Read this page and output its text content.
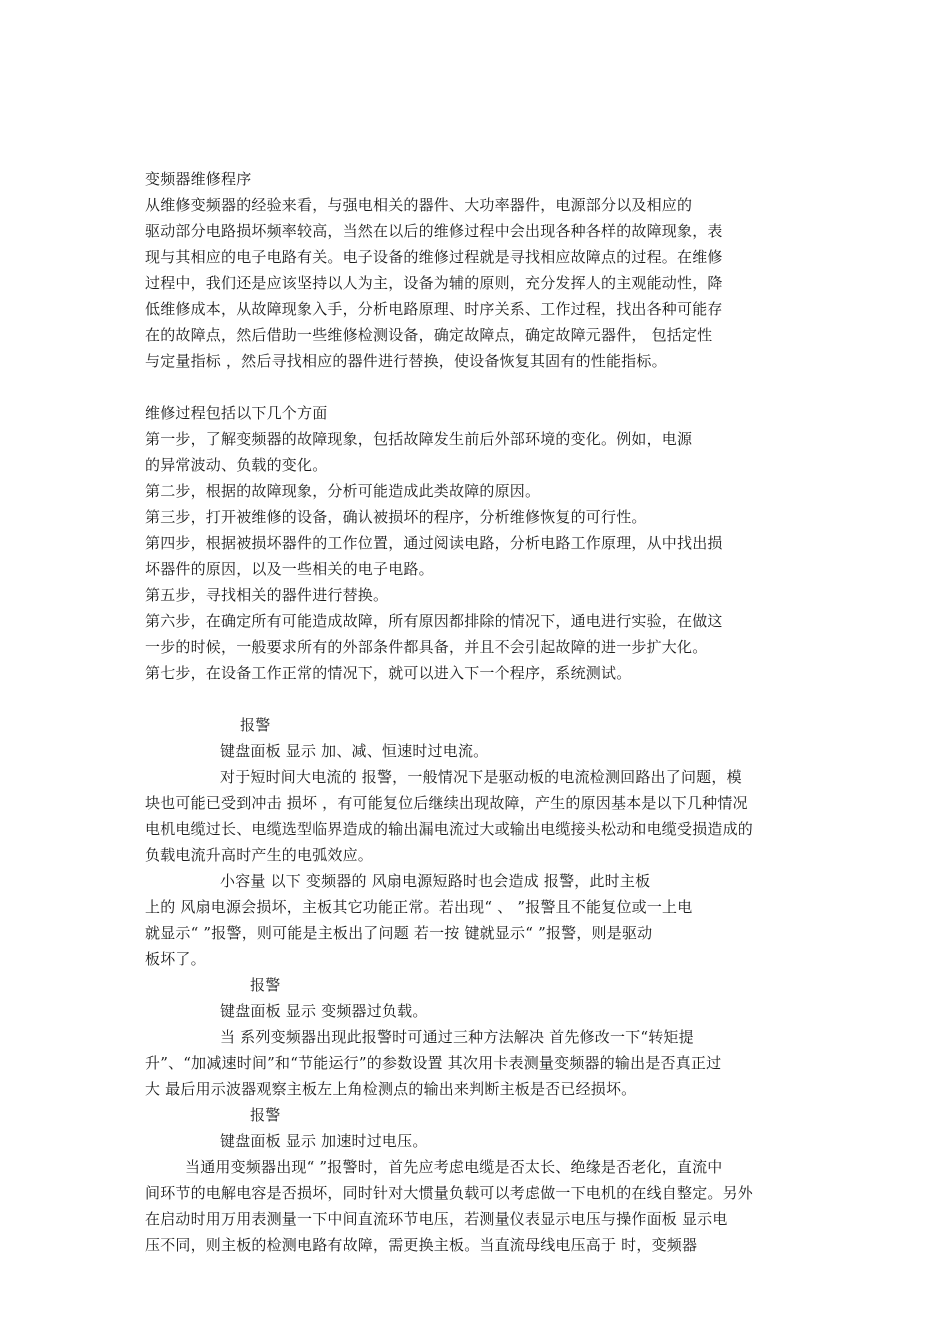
变频器维修程序
从维修变频器的经验来看，与强电相关的器件、大功率器件，电源部分以及相应的
驱动部分电路损坏频率较高，当然在以后的维修过程中会出现各种各样的故障现象，表
现与其相应的电子电路有关。电子设备的维修过程就是寻找相应故障点的过程。在维修
过程中，我们还是应该坚持以人为主，设备为辅的原则，充分发挥人的主观能动性，降
低维修成本，从故障现象入手，分析电路原理、时序关系、工作过程，找出各种可能存
在的故障点，然后借助一些维修检测设备，确定故障点，确定故障元器件， 包括定性
与定量指标 ，然后寻找相应的器件进行替换，使设备恢复其固有的性能指标。
维修过程包括以下几个方面
第一步，了解变频器的故障现象，包括故障发生前后外部环境的变化。例如，电源
的异常波动、负载的变化。
第二步，根据的故障现象，分析可能造成此类故障的原因。
第三步，打开被维修的设备，确认被损坏的程序，分析维修恢复的可行性。
第四步，根据被损坏器件的工作位置，通过阅读电路，分析电路工作原理，从中找出损
坏器件的原因，以及一些相关的电子电路。
第五步，寻找相关的器件进行替换。
第六步，在确定所有可能造成故障，所有原因都排除的情况下，通电进行实验，在做这
一步的时候，一般要求所有的外部条件都具备，并且不会引起故障的进一步扩大化。
第七步，在设备工作正常的情况下，就可以进入下一个程序，系统测试。
报警
键盘面板 显示 加、减、恒速时过电流。
对于短时间大电流的 报警，一般情况下是驱动板的电流检测回路出了问题，模
块也可能已受到冲击 损坏 ，有可能复位后继续出现故障，产生的原因基本是以下几种情况
电机电缆过长、电缆选型临界造成的输出漏电流过大或输出电缆接头松动和电缆受损造成的
负载电流升高时产生的电弧效应。
小容量 以下 变频器的 风扇电源短路时也会造成 报警，此时主板
上的 风扇电源会损坏，主板其它功能正常。若出现“ 、 ”报警且不能复位或一上电
就显示“ ”报警，则可能是主板出了问题 若一按 键就显示“ ”报警，则是驱动
板坏了。
报警
键盘面板 显示 变频器过负载。
当 系列变频器出现此报警时可通过三种方法解决 首先修改一下“转矩提
升”、“加减速时间”和“节能运行”的参数设置 其次用卡表测量变频器的输出是否真正过
大 最后用示波器观察主板左上角检测点的输出来判断主板是否已经损坏。
报警
键盘面板 显示 加速时过电压。
当通用变频器出现“ ”报警时，首先应考虑电缆是否太长、绝缘是否老化，直流中
间环节的电解电容是否损坏，同时针对大惯量负载可以考虑做一下电机的在线自整定。另外
在启动时用万用表测量一下中间直流环节电压，若测量仪表显示电压与操作面板 显示电
压不同，则主板的检测电路有故障，需更换主板。当直流母线电压高于 时，变频器
